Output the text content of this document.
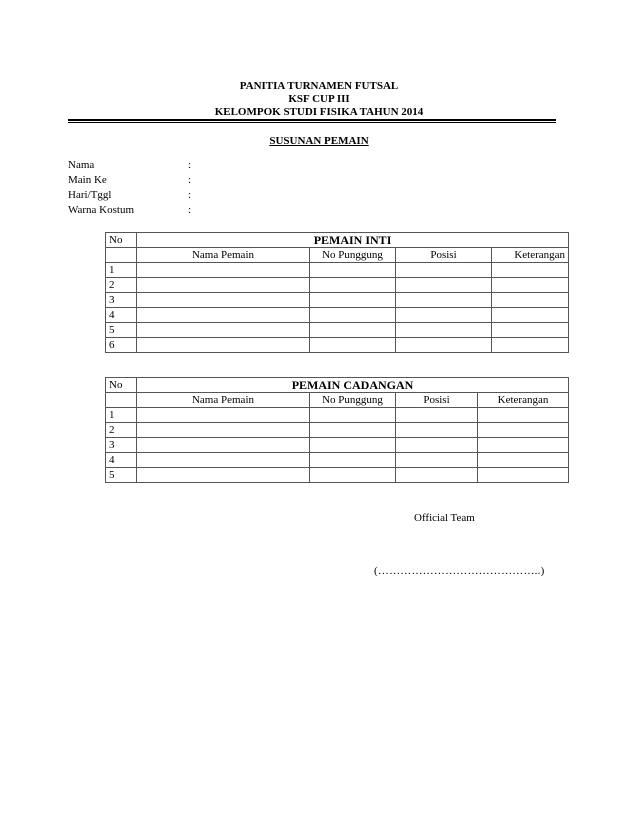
PANITIA TURNAMEN FUTSAL
KSF CUP III
KELOMPOK STUDI FISIKA TAHUN 2014
SUSUNAN PEMAIN
Nama	:
Main Ke	:
Hari/Tggl	:
Warna Kostum	:
No	PEMAIN INTI			
	Nama Pemain	No Punggung	Posisi	Keterangan
1				
2				
3				
4				
5				
6				
No	PEMAIN CADANGAN			
	Nama Pemain	No Punggung	Posisi	Keterangan
1				
2				
3				
4				
5				
Official Team
(……………………………………..)
